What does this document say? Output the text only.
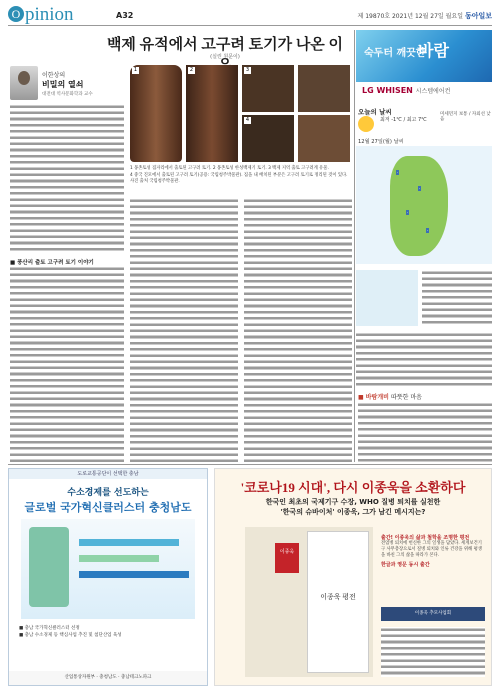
O pinion	A32	제 19870호 2021년 12월 27일 월요일 동아일보
백제 유적에서 고구려 토기가 나온 이
(실린 원문이)
이한상의
비밀의 열쇠
대전대 역사문화학과 교수
■ 풍산리 출토 고구려 토기 이야기
1	2	3
4
1 몽촌토성 집자리에서 출토된 고구려 토기. 2 몽촌토성 한성백제기 토기. 3 백제 지역 출토 고구려계 유물.
4 중국 진모에서 출토된 고구려 토기(공용: 국립청주박물관). 집을 내 배치된 부분은 고구려 토기로 정리된 것이 있다. 사진 출처 국립청주박물관.
숙두터 깨끗한
바람
LG WHISEN 시스템에어컨
오늘의 날씨
최저 -1℃ / 최고 7℃
미세먼지 보통 / 자외선 낮음
12월 27일(월) 날씨
·
·
·
·
■ 바람개비 따뜻한 마음
도로교통공단이 선택한 충남
수소경제를 선도하는
글로벌 국가혁신클러스터 충청남도
■ 충남 국가혁신클러스터 선정
■ 충남 수소경제 등 핵심사업 추진 및 첨단산업 육성
산업통상자원부 · 충청남도 · 충남테크노파크
'코로나19 시대', 다시 이종욱을 소환하다
한국인 최초의 국제기구 수장, WHO 질병 퇴치를 실천한
'한국의 슈바이처' 이종욱, 그가 남긴 메시지는?
이종욱 평전
이종욱
출간! 이종욱의 삶과 철학을 조명한 평전
전염병 퇴치에 헌신한 그의 일생을 담았다. 세계보건기구 사무총장으로서 질병 퇴치와 인류 건강을 위해 평생을 바친 그의 삶을 따라가 본다.
한글과 영문 동시 출간
이종욱 추모사업회
